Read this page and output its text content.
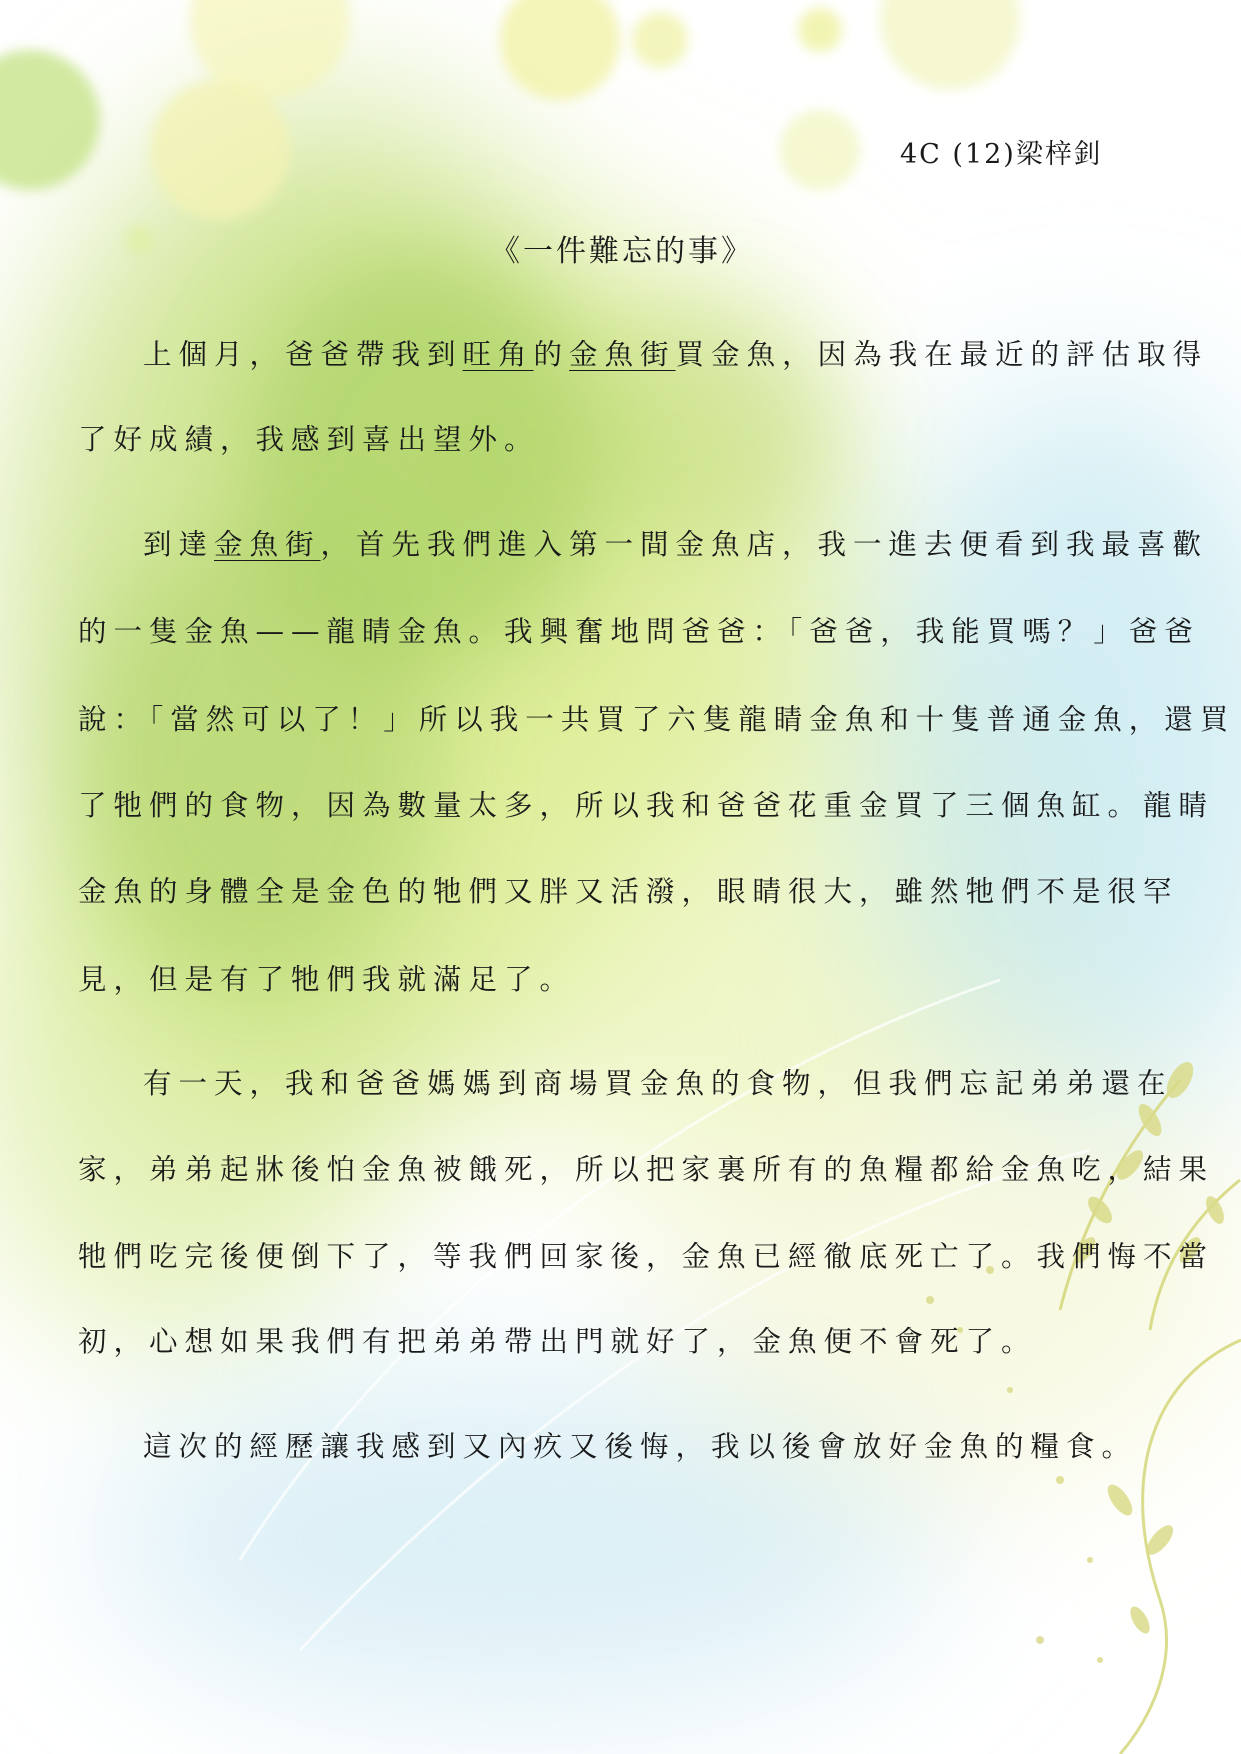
4C (12)梁梓釗
《一件難忘的事》
上個月，爸爸帶我到旺角的金魚街買金魚，因為我在最近的評估取得
了好成績，我感到喜出望外。
到達金魚街，首先我們進入第一間金魚店，我一進去便看到我最喜歡
的一隻金魚——龍睛金魚。我興奮地問爸爸：「爸爸，我能買嗎？」爸爸
說：「當然可以了！」所以我一共買了六隻龍睛金魚和十隻普通金魚，還買
了牠們的食物，因為數量太多，所以我和爸爸花重金買了三個魚缸。龍睛
金魚的身體全是金色的牠們又胖又活潑，眼睛很大，雖然牠們不是很罕
見，但是有了牠們我就滿足了。
有一天，我和爸爸媽媽到商場買金魚的食物，但我們忘記弟弟還在
家，弟弟起牀後怕金魚被餓死，所以把家裏所有的魚糧都給金魚吃，結果
牠們吃完後便倒下了，等我們回家後，金魚已經徹底死亡了。我們悔不當
初，心想如果我們有把弟弟帶出門就好了，金魚便不會死了。
這次的經歷讓我感到又內疚又後悔，我以後會放好金魚的糧食。
